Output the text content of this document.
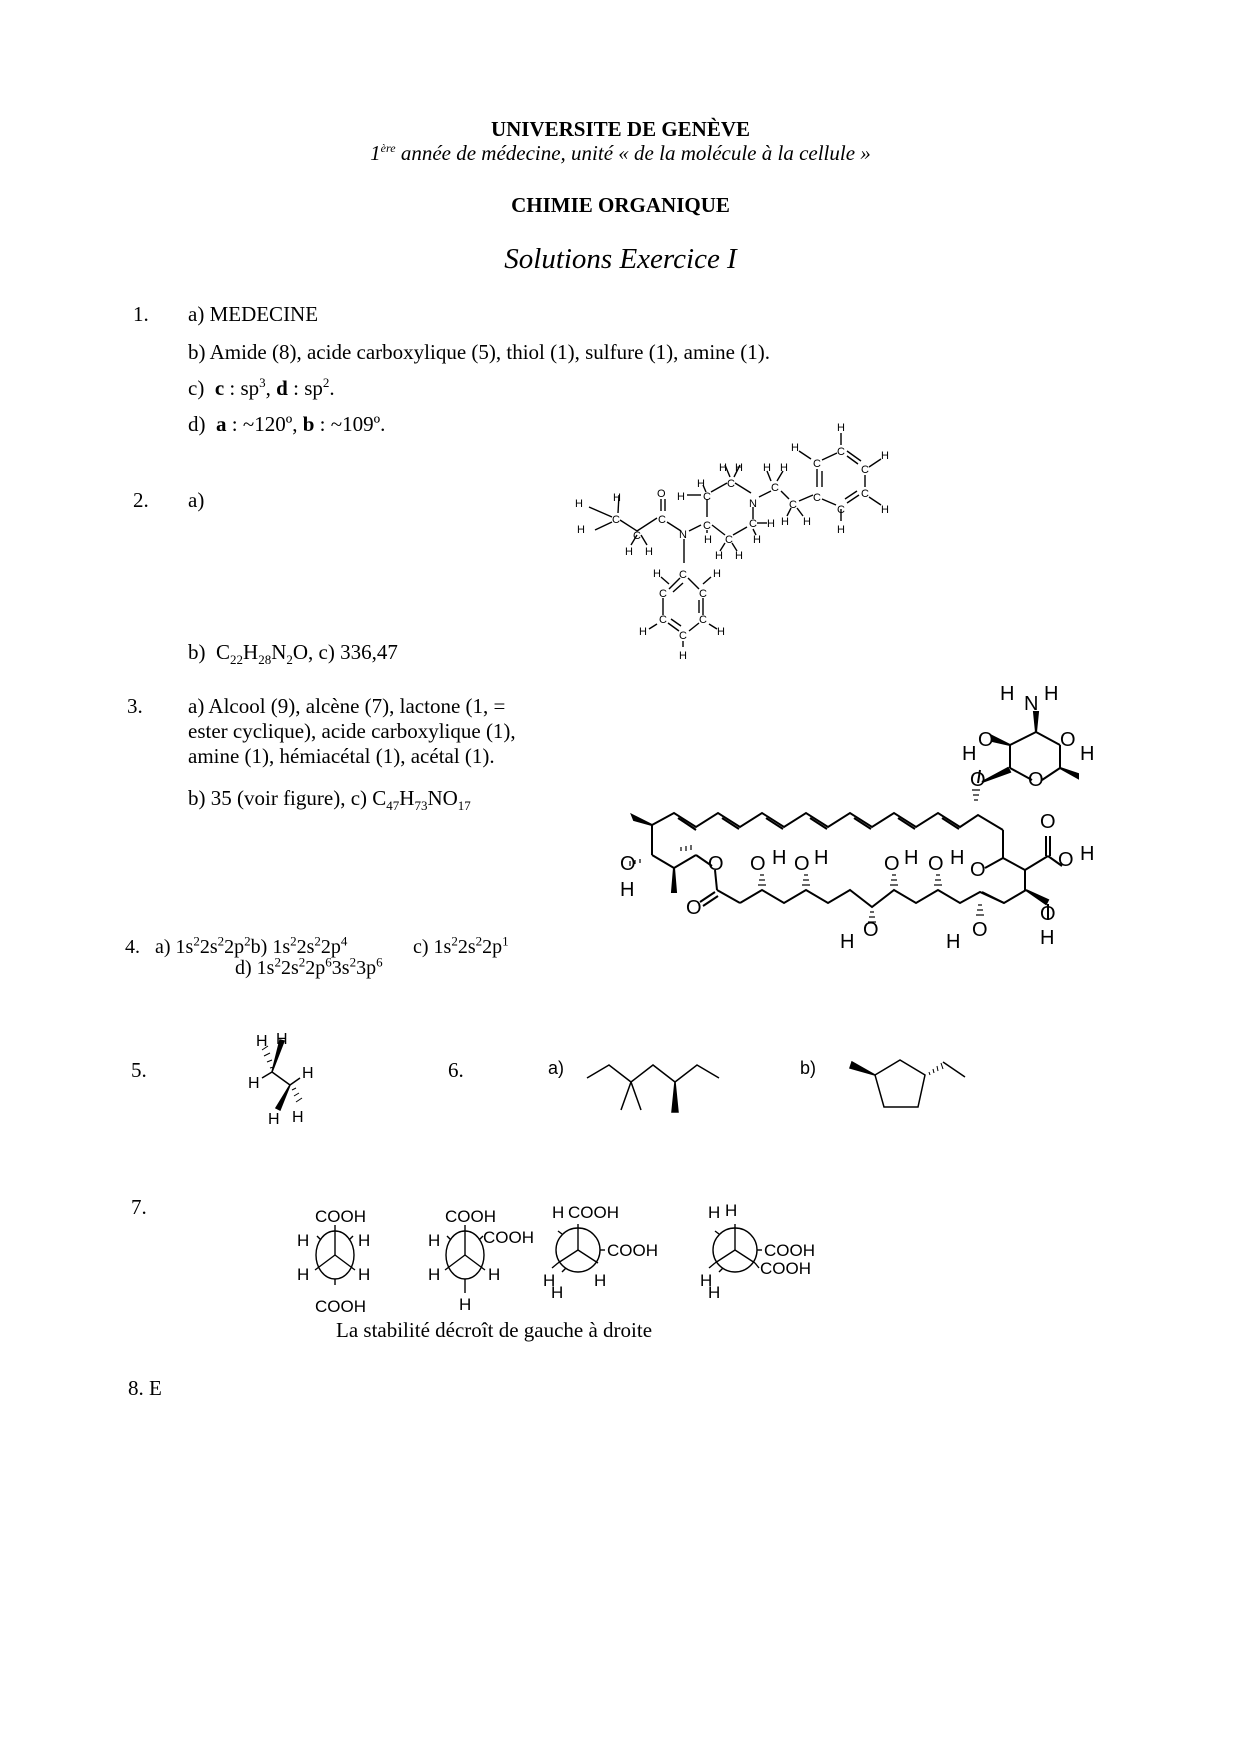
UNIVERSITE DE GENÈVE
1ère année de médecine, unité « de la molécule à la cellule »
CHIMIE ORGANIQUE
Solutions Exercice I
1. a) MEDECINE
b) Amide (8), acide carboxylique (5), thiol (1), sulfure (1), amine (1).
c) c : $sp^3$, d : $sp^2$.
d) a : ~120º, b : ~109º.
2. a)	H	H
H
C
C
H H
O
C
N
H C
H
H H
C
N
C
H C
H H
C H
H
H H
C
C
H H
C
C
H	C
H
C
H
C
H
C
H
C
H	H
C	C
C	C
C
H	H
H
b) $C_{22}H_{28}N_2O$, c) 336,47
3. a) Alcool (9), alcène (7), lactone (1, =
ester cyclique), acide carboxylique (1),
amine (1), hémiacétal (1), acétal (1).
b) 35 (voir figure), c) $C_{47}H_{73}NO_{17}$
H N H
O
H
O
H
O
O
O
O H
O
H
O
O
H
O
H
O H O H	O H O H
O
O
O
H
4. a) $1s^22s^22p^2b$) $1s^22s^22p^4$	c) $1s^22s^22p^1$
d) $1s^22s^22p^63s^23p^6$
5.
H H
H
H
H H
6.	a)	b)
7.	COOH
COOH
H	H
H	H
COOH
COOH
H
H	H
H
H COOH
COOH
H
H
H
H H
COOH
COOH
H
H
La stabilité décroît de gauche à droite
8. E
